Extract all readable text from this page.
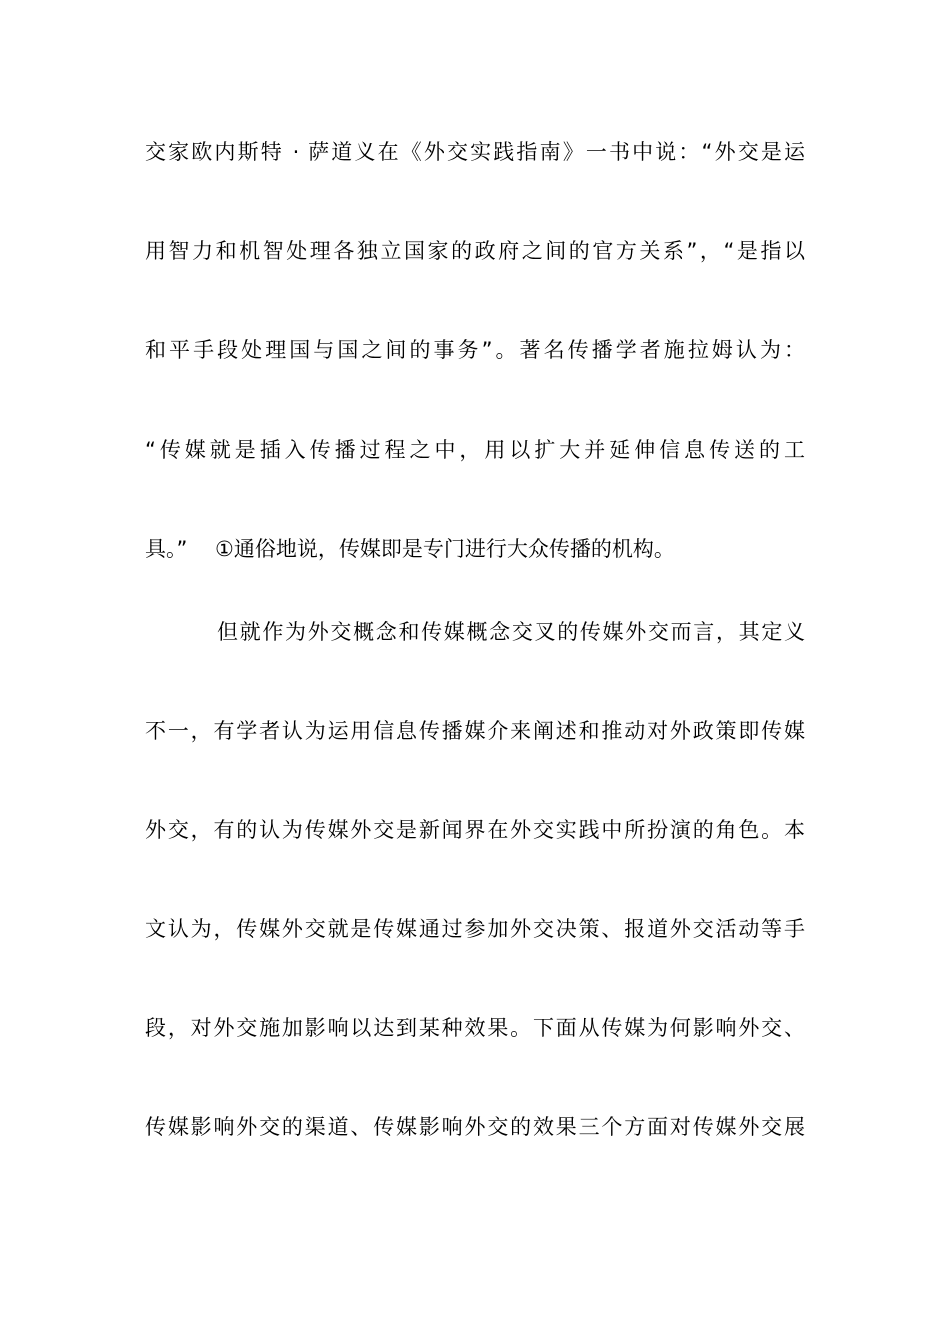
交家欧内斯特 · 萨道义在《外交实践指南》一书中说：“外交是运
用智力和机智处理各独立国家的政府之间的官方关系”，“是指以
和平手段处理国与国之间的事务”。著名传播学者施拉姆认为：
“传媒就是插入传播过程之中，用以扩大并延伸信息传送的工
具。”　 ①通俗地说，传媒即是专门进行大众传播的机构。
但就作为外交概念和传媒概念交叉的传媒外交而言，其定义
不一，有学者认为运用信息传播媒介来阐述和推动对外政策即传媒
外交，有的认为传媒外交是新闻界在外交实践中所扮演的角色。本
文认为，传媒外交就是传媒通过参加外交决策、报道外交活动等手
段，对外交施加影响以达到某种效果。下面从传媒为何影响外交、
传媒影响外交的渠道、传媒影响外交的效果三个方面对传媒外交展
